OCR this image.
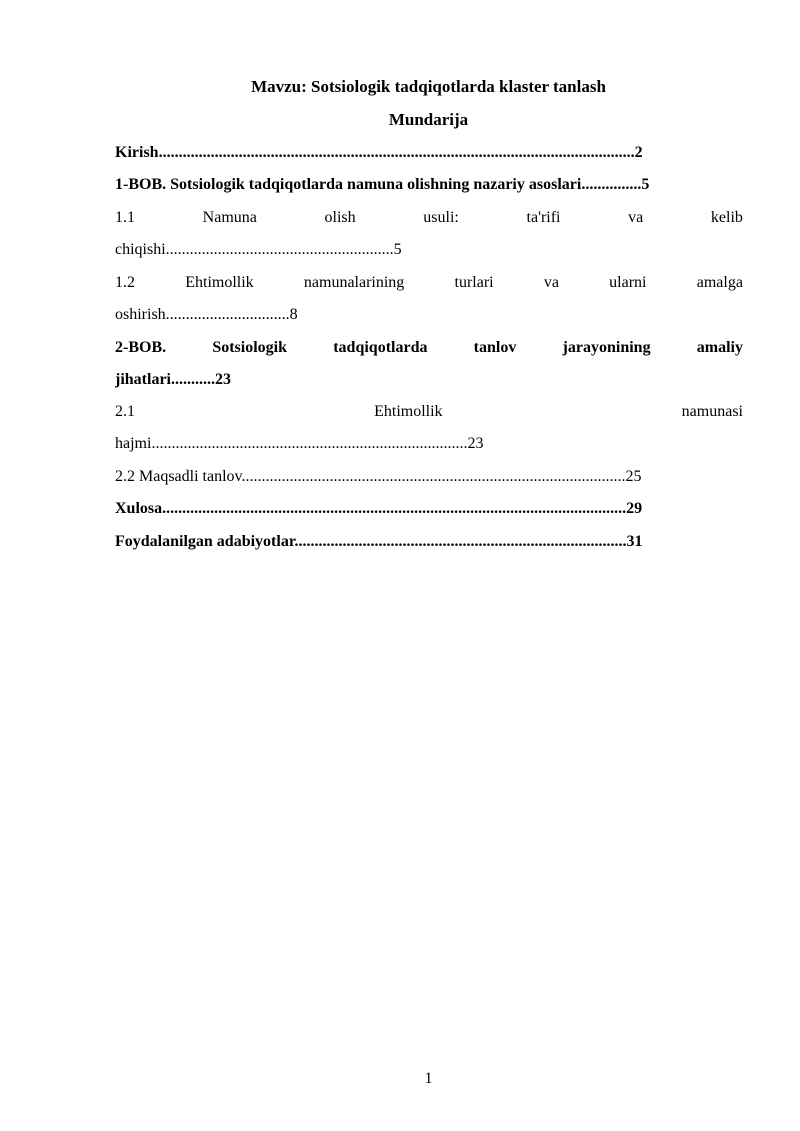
Mavzu: Sotsiologik tadqiqotlarda klaster tanlash
Mundarija
Kirish.......................................................................................................................2
1-BOB. Sotsiologik tadqiqotlarda namuna olishning nazariy asoslari...............5
1.1	Namuna	olish	usuli:	ta'rifi	va	kelib
chiqishi.........................................................5
1.2	Ehtimollik	namunalarining	turlari	va	ularni	amalga
oshirish...............................8
2-BOB.	Sotsiologik	tadqiqotlarda	tanlov	jarayonining	amaliy
jihatlari...........23
2.1	Ehtimollik	namunasi
hajmi...............................................................................23
2.2 Maqsadli tanlov................................................................................................25
Xulosa....................................................................................................................29
Foydalanilgan adabiyotlar...................................................................................31
1
